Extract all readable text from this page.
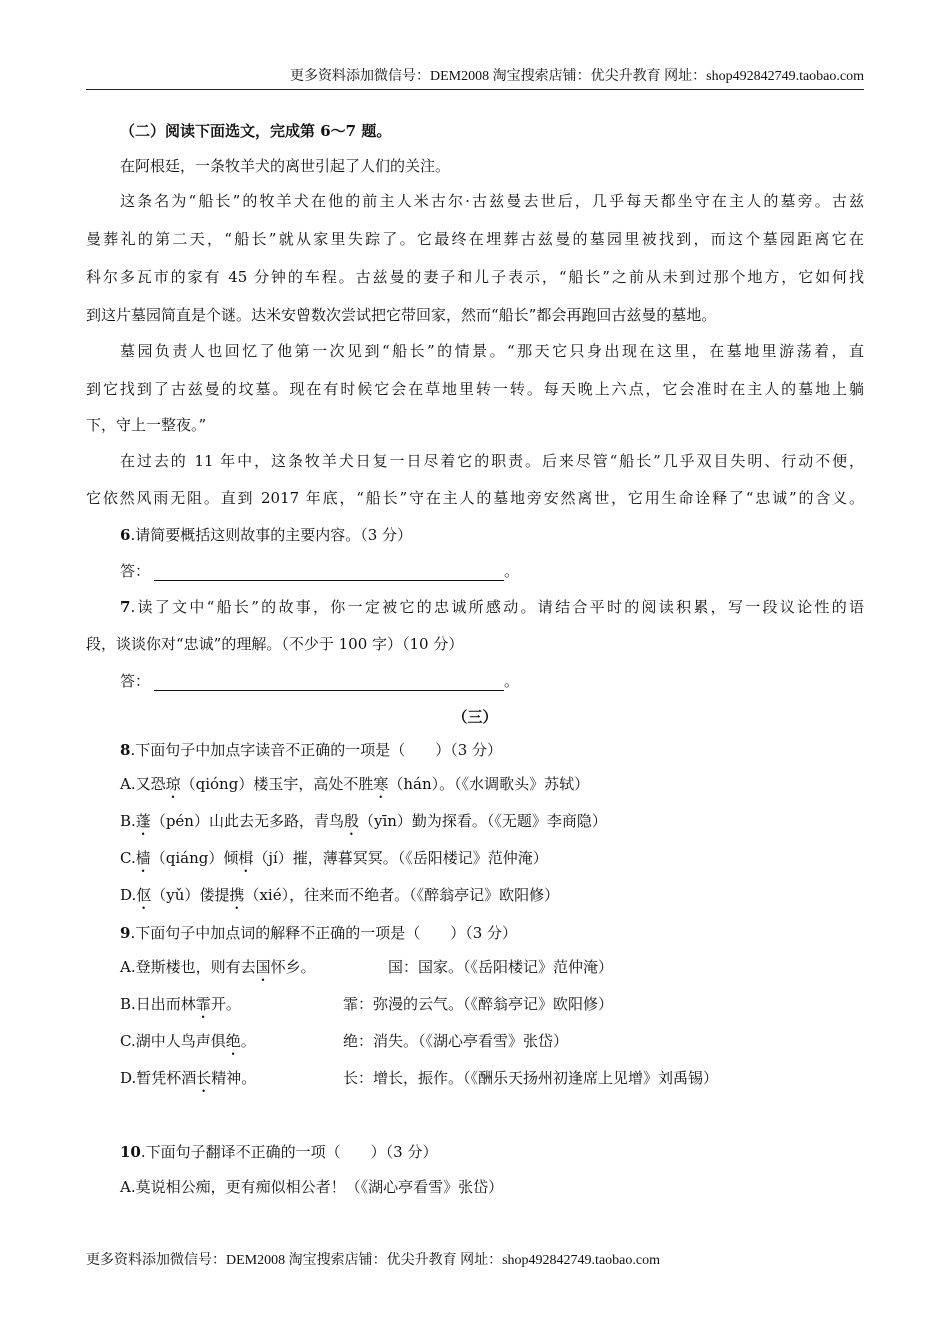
更多资料添加微信号：DEM2008 淘宝搜索店铺：优尖升教育 网址：shop492842749.taobao.com
（二）阅读下面选文，完成第 6～7 题。
在阿根廷，一条牧羊犬的离世引起了人们的关注。
这条名为“船长”的牧羊犬在他的前主人米古尔·古兹曼去世后，几乎每天都坐守在主人的墓旁。古兹
曼葬礼的第二天，“船长”就从家里失踪了。它最终在埋葬古兹曼的墓园里被找到，而这个墓园距离它在
科尔多瓦市的家有 45 分钟的车程。古兹曼的妻子和儿子表示，“船长”之前从未到过那个地方，它如何找
到这片墓园简直是个谜。达米安曾数次尝试把它带回家，然而“船长”都会再跑回古兹曼的墓地。
墓园负责人也回忆了他第一次见到“船长”的情景。“那天它只身出现在这里，在墓地里游荡着，直
到它找到了古兹曼的坟墓。现在有时候它会在草地里转一转。每天晚上六点，它会准时在主人的墓地上躺
下，守上一整夜。”
在过去的 11 年中，这条牧羊犬日复一日尽着它的职责。后来尽管“船长”几乎双目失明、行动不便，
它依然风雨无阻。直到 2017 年底，“船长”守在主人的墓地旁安然离世，它用生命诠释了“忠诚”的含义。
6.请简要概括这则故事的主要内容。（3 分）
答：	。
7.读了文中“船长”的故事，你一定被它的忠诚所感动。请结合平时的阅读积累，写一段议论性的语
段，谈谈你对“忠诚”的理解。（不少于 100 字）（10 分）
答：	。
（三）
8.下面句子中加点字读音不正确的一项是（　　）（3 分）
A.又恐琼（qióng）楼玉宇，高处不胜寒（hán）。（《水调歌头》苏轼）
B.蓬（pén）山此去无多路，青鸟殷（yīn）勤为探看。（《无题》李商隐）
C.樯（qiáng）倾楫（jí）摧，薄暮冥冥。（《岳阳楼记》范仲淹）
D.伛（yǔ）偻提携（xié），往来而不绝者。（《醉翁亭记》欧阳修）
9.下面句子中加点词的解释不正确的一项是（　　）（3 分）
A.登斯楼也，则有去国怀乡。	国：国家。（《岳阳楼记》范仲淹）
B.日出而林霏开。	霏：弥漫的云气。（《醉翁亭记》欧阳修）
C.湖中人鸟声俱绝。	绝：消失。（《湖心亭看雪》张岱）
D.暂凭杯酒长精神。	长：增长，振作。（《酬乐天扬州初逢席上见增》刘禹锡）
10.下面句子翻译不正确的一项（　　）（3 分）
A.莫说相公痴，更有痴似相公者！（《湖心亭看雪》张岱）
更多资料添加微信号：DEM2008 淘宝搜索店铺：优尖升教育 网址：shop492842749.taobao.com
